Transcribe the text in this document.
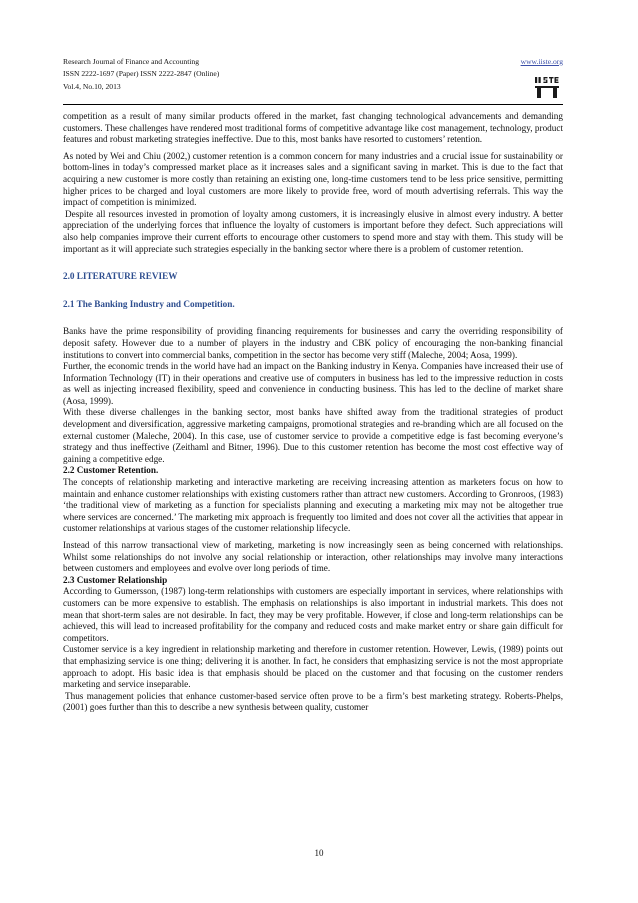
Research Journal of Finance and Accounting
ISSN 2222-1697 (Paper) ISSN 2222-2847 (Online)
Vol.4, No.10, 2013
www.iiste.org

competition as a result of many similar products offered in the market, fast changing technological advancements and demanding customers. These challenges have rendered most traditional forms of competitive advantage like cost management, technology, product features and robust marketing strategies ineffective. Due to this, most banks have resorted to customers’ retention.

As noted by Wei and Chiu (2002,) customer retention is a common concern for many industries and a crucial issue for sustainability or bottom-lines in today’s compressed market place as it increases sales and a significant saving in market. This is due to the fact that acquiring a new customer is more costly than retaining an existing one, long-time customers tend to be less price sensitive, permitting higher prices to be charged and loyal customers are more likely to provide free, word of mouth advertising referrals. This way the impact of competition is minimized.

Despite all resources invested in promotion of loyalty among customers, it is increasingly elusive in almost every industry. A better appreciation of the underlying forces that influence the loyalty of customers is important before they defect. Such appreciations will also help companies improve their current efforts to encourage other customers to spend more and stay with them. This study will be important as it will appreciate such strategies especially in the banking sector where there is a problem of customer retention.

2.0 LITERATURE REVIEW

2.1 The Banking Industry and Competition.

Banks have the prime responsibility of providing financing requirements for businesses and carry the overriding responsibility of deposit safety. However due to a number of players in the industry and CBK policy of encouraging the non-banking financial institutions to convert into commercial banks, competition in the sector has become very stiff (Maleche, 2004; Aosa, 1999).

Further, the economic trends in the world have had an impact on the Banking industry in Kenya. Companies have increased their use of Information Technology (IT) in their operations and creative use of computers in business has led to the impressive reduction in costs as well as injecting increased flexibility, speed and convenience in conducting business. This has led to the decline of market share (Aosa, 1999).

With these diverse challenges in the banking sector, most banks have shifted away from the traditional strategies of product development and diversification, aggressive marketing campaigns, promotional strategies and re-branding which are all focused on the external customer (Maleche, 2004). In this case, use of customer service to provide a competitive edge is fast becoming everyone’s strategy and thus ineffective (Zeithaml and Bitner, 1996). Due to this customer retention has become the most cost effective way of gaining a competitive edge.

2.2 Customer Retention.

The concepts of relationship marketing and interactive marketing are receiving increasing attention as marketers focus on how to maintain and enhance customer relationships with existing customers rather than attract new customers. According to Gronroos, (1983) ‘the traditional view of marketing as a function for specialists planning and executing a marketing mix may not be altogether true where services are concerned.’ The marketing mix approach is frequently too limited and does not cover all the activities that appear in customer relationships at various stages of the customer relationship lifecycle.

Instead of this narrow transactional view of marketing, marketing is now increasingly seen as being concerned with relationships. Whilst some relationships do not involve any social relationship or interaction, other relationships may involve many interactions between customers and employees and evolve over long periods of time.

2.3 Customer Relationship

According to Gumersson, (1987) long-term relationships with customers are especially important in services, where relationships with customers can be more expensive to establish. The emphasis on relationships is also important in industrial markets. This does not mean that short-term sales are not desirable. In fact, they may be very profitable. However, if close and long-term relationships can be achieved, this will lead to increased profitability for the company and reduced costs and make market entry or share gain difficult for competitors.

Customer service is a key ingredient in relationship marketing and therefore in customer retention. However, Lewis, (1989) points out that emphasizing service is one thing; delivering it is another. In fact, he considers that emphasizing service is not the most appropriate approach to adopt. His basic idea is that emphasis should be placed on the customer and that focusing on the customer renders marketing and service inseparable.

Thus management policies that enhance customer-based service often prove to be a firm’s best marketing strategy. Roberts-Phelps, (2001) goes further than this to describe a new synthesis between quality, customer

10
